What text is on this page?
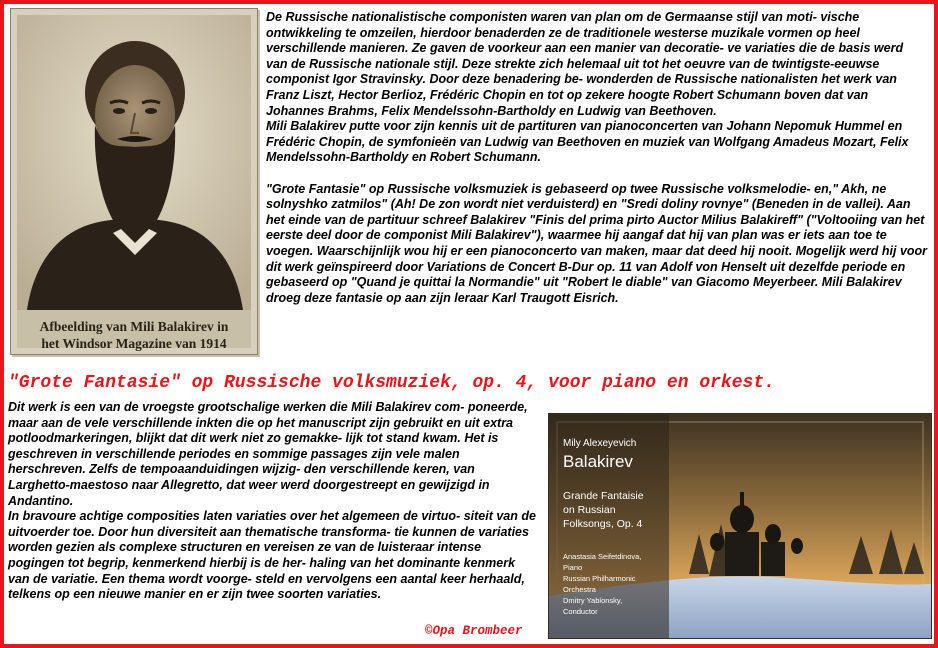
Afbeelding van Mili Balakirev in
het Windsor Magazine van 1914

De Russische nationalistische componisten waren van plan om de Germaanse stijl van moti- vische ontwikkeling te omzeilen, hierdoor benaderden ze de traditionele westerse muzikale vormen op heel verschillende manieren. Ze gaven de voorkeur aan een manier van decoratie- ve variaties die de basis werd van de Russische nationale stijl. Deze strekte zich helemaal uit tot het oeuvre van de twintigste-eeuwse componist Igor Stravinsky. Door deze benadering be- wonderden de Russische nationalisten het werk van Franz Liszt, Hector Berlioz, Frédéric Chopin en tot op zekere hoogte Robert Schumann boven dat van Johannes Brahms, Felix Mendelssohn-Bartholdy en Ludwig van Beethoven.

Mili Balakirev putte voor zijn kennis uit de partituren van pianoconcerten van Johann Nepomuk Hummel en Frédéric Chopin, de symfonieën van Ludwig van Beethoven en muziek van Wolfgang Amadeus Mozart, Felix Mendelssohn-Bartholdy en Robert Schumann.

"Grote Fantasie" op Russische volksmuziek is gebaseerd op twee Russische volksmelodie- en," Akh, ne solnyshko zatmilos" (Ah! De zon wordt niet verduisterd) en "Sredi doliny rovnye" (Beneden in de vallei). Aan het einde van de partituur schreef Balakirev "Finis del prima pirto Auctor Milius Balakireff" ("Voltooiing van het eerste deel door de componist Mili Balakirev"), waarmee hij aangaf dat hij van plan was er iets aan toe te voegen. Waarschijnlijk wou hij er een pianoconcerto van maken, maar dat deed hij nooit. Mogelijk werd hij voor dit werk geïnspireerd door Variations de Concert B-Dur op. 11 van Adolf von Henselt uit dezelfde periode en gebaseerd op "Quand je quittai la Normandie" uit "Robert le diable" van Giacomo Meyerbeer. Mili Balakirev droeg deze fantasie op aan zijn leraar Karl Traugott Eisrich.

"Grote Fantasie" op Russische volksmuziek, op. 4, voor piano en orkest.

Dit werk is een van de vroegste grootschalige werken die Mili Balakirev com- poneerde, maar aan de vele verschillende inkten die op het manuscript zijn gebruikt en uit extra potloodmarkeringen, blijkt dat dit werk niet zo gemakke- lijk tot stand kwam. Het is geschreven in verschillende periodes en sommige passages zijn vele malen herschreven. Zelfs de tempoaanduidingen wijzig- den verschillende keren, van Larghetto-maestoso naar Allegretto, dat weer werd doorgestreept en gewijzigd in Andantino.

In bravoure achtige composities laten variaties over het algemeen de virtuo- siteit van de uitvoerder toe. Door hun diversiteit aan thematische transforma- tie kunnen de variaties worden gezien als complexe structuren en vereisen ze van de luisteraar intense pogingen tot begrip, kenmerkend hierbij is de her- haling van het dominante kenmerk van de variatie. Een thema wordt voorge- steld en vervolgens een aantal keer herhaald, telkens op een nieuwe manier en er zijn twee soorten variaties.

©Opa Brombeer
Mily Alexeyevich
Balakirev
Grande Fantaisie
on Russian
Folksongs, Op. 4
Anastasia Seifetdinova,
Piano
Russian Philharmonic
Orchestra
Dmitry Yablonsky,
Conductor
